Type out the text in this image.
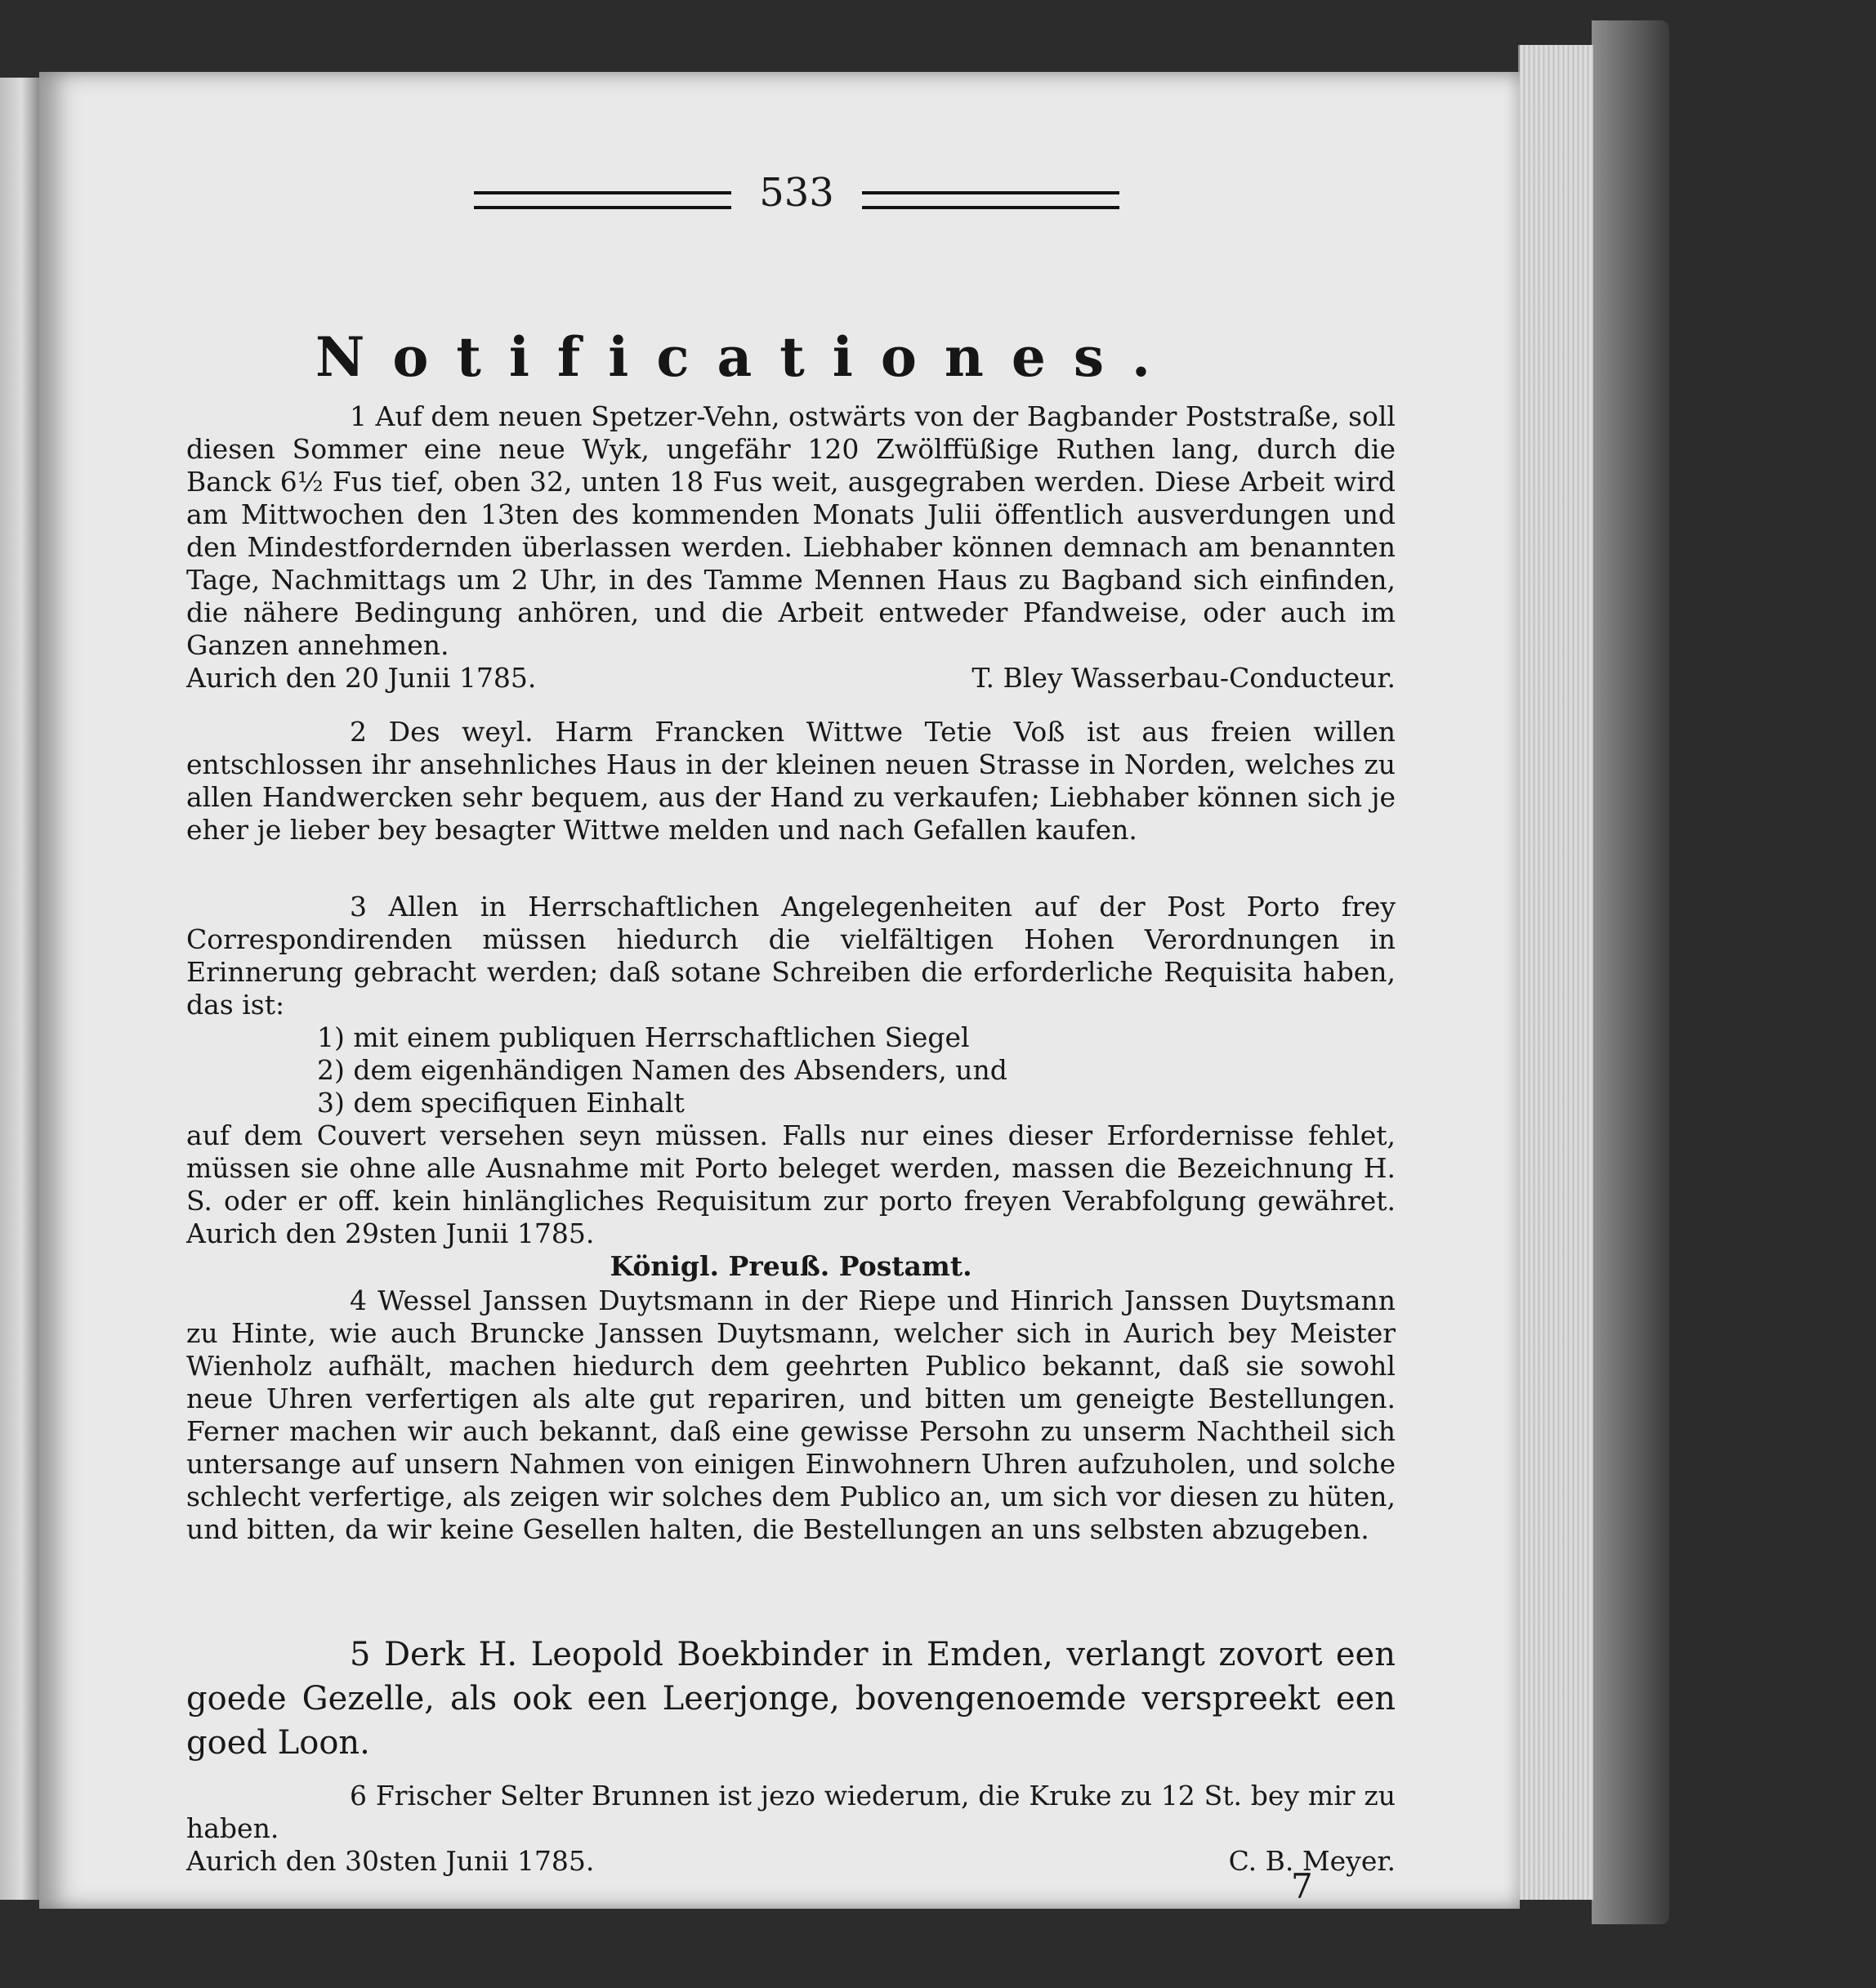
533
Notificationes.

1 Auf dem neuen Spetzer-Vehn, ostwärts von der Bagbander Poststraße, soll diesen Sommer eine neue Wyk, ungefähr 120 Zwölffüßige Ruthen lang, durch die Banck 6½ Fus tief, oben 32, unten 18 Fus weit, ausgegraben werden. Diese Arbeit wird am Mittwochen den 13ten des kommenden Monats Julii öffentlich ausverdungen und den Mindestfordernden überlassen werden. Liebhaber können demnach am benannten Tage, Nachmittags um 2 Uhr, in des Tamme Mennen Haus zu Bagband sich einfinden, die nähere Bedingung anhören, und die Arbeit entweder Pfandweise, oder auch im Ganzen annehmen.

Aurich den 20 Junii 1785.	T. Bley Wasserbau-Conducteur.

2 Des weyl. Harm Francken Wittwe Tetie Voß ist aus freien willen entschlossen ihr ansehnliches Haus in der kleinen neuen Strasse in Norden, welches zu allen Handwercken sehr bequem, aus der Hand zu verkaufen; Liebhaber können sich je eher je lieber bey besagter Wittwe melden und nach Gefallen kaufen.

3 Allen in Herrschaftlichen Angelegenheiten auf der Post Porto frey Correspondirenden müssen hiedurch die vielfältigen Hohen Verordnungen in Erinnerung gebracht werden; daß sotane Schreiben die erforderliche Requisita haben, das ist:

1) mit einem publiquen Herrschaftlichen Siegel
2) dem eigenhändigen Namen des Absenders, und
3) dem specifiquen Einhalt
auf dem Couvert versehen seyn müssen. Falls nur eines dieser Erfordernisse fehlet, müssen sie ohne alle Ausnahme mit Porto beleget werden, massen die Bezeichnung H. S. oder er off. kein hinlängliches Requisitum zur porto freyen Verabfolgung gewähret. Aurich den 29sten Junii 1785.
Königl. Preuß. Postamt.

4 Wessel Janssen Duytsmann in der Riepe und Hinrich Janssen Duytsmann zu Hinte, wie auch Bruncke Janssen Duytsmann, welcher sich in Aurich bey Meister Wienholz aufhält, machen hiedurch dem geehrten Publico bekannt, daß sie sowohl neue Uhren verfertigen als alte gut repariren, und bitten um geneigte Bestellungen. Ferner machen wir auch bekannt, daß eine gewisse Persohn zu unserm Nachtheil sich untersange auf unsern Nahmen von einigen Einwohnern Uhren aufzuholen, und solche schlecht verfertige, als zeigen wir solches dem Publico an, um sich vor diesen zu hüten, und bitten, da wir keine Gesellen halten, die Bestellungen an uns selbsten abzugeben.

5 Derk H. Leopold Boekbinder in Emden, verlangt zovort een goede Gezelle, als ook een Leerjonge, bovengenoemde verspreekt een goed Loon.

6 Frischer Selter Brunnen ist jezo wiederum, die Kruke zu 12 St. bey mir zu haben.

Aurich den 30sten Junii 1785.	C. B. Meyer.
7
